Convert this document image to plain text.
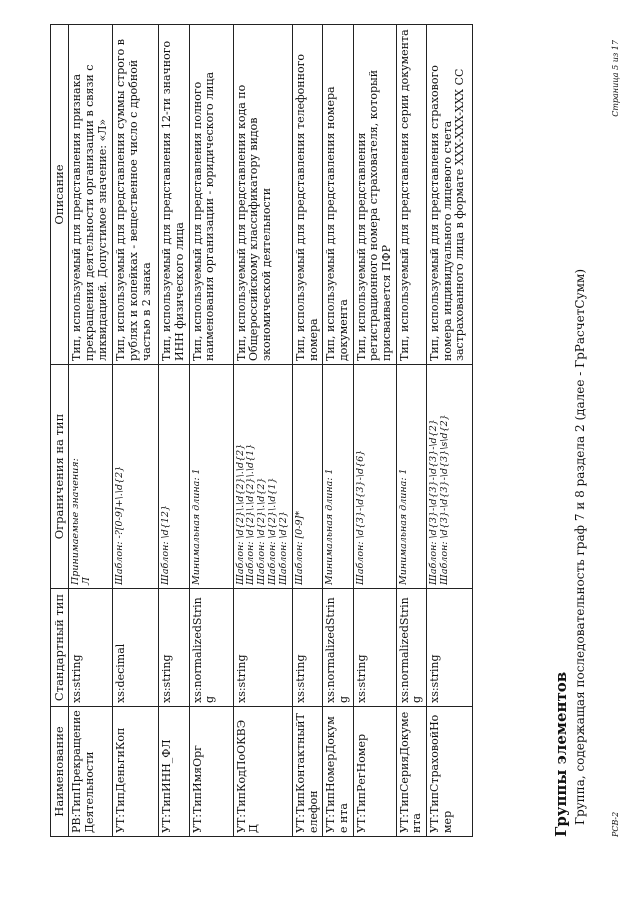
Наименование	Стандартный тип	Ограничения на тип	Описание
РВ:ТипПрекращение Деятельности	xs:string	Принимаемые значения: Л	Тип, используемый для представления признака прекращения деятельности организации в связи с ликвидацией. Допустимое значение: «Л»
УТ:ТипДеньгиКоп	xs:decimal	Шаблон: -?[0-9]+\.\d{2}	Тип, используемый для представления суммы строго в рублях и копейках - вещественное число с дробной частью в 2 знака
УТ:ТипИНН_ФЛ	xs:string	Шаблон: \d{12}	Тип, используемый для представления 12-ти значного ИНН физического лица
УТ:ТипИмяОрг	xs:normalizedString	Минимальная длина: 1	Тип, используемый для представления полного наименования организации - юридического лица
УТ:ТипКодПоОКВЭ Д	xs:string	Шаблон: \d{2}\.\d{2}\.\d{2} Шаблон: \d{2}\.\d{2}\.\d{1} Шаблон: \d{2}\.\d{2} Шаблон: \d{2}\.\d{1} Шаблон: \d{2}	Тип, используемый для представления кода по Общероссийскому классификатору видов экономической деятельности
УТ:ТипКонтактныйТ елефон	xs:string	Шаблон: [0-9]*	Тип, используемый для представления телефонного номера
УТ:ТипНомерДокуме нта	xs:normalizedString	Минимальная длина: 1	Тип, используемый для представления номера документа
УТ:ТипРегНомер	xs:string	Шаблон: \d{3}-\d{3}-\d{6}	Тип, используемый для представления регистрационного номера страхователя, который присваивается ПФР
УТ:ТипСерияДокуме нта	xs:normalizedString	Минимальная длина: 1	Тип, используемый для представления серии документа
УТ:ТипСтраховойНо мер	xs:string	Шаблон: \d{3}-\d{3}-\d{3}-\d{2} Шаблон: \d{3}-\d{3}-\d{3}\s\d{2}	Тип, используемый для представления страхового номера индивидуального лицевого счета застрахованного лица в формате XXX-XXX-XXX CC
Группы элементов Группа, содержащая последовательность граф 7 и 8 раздела 2 (далее - ГрРасчетСумм)	РСВ-2
Страница 5 из 17
